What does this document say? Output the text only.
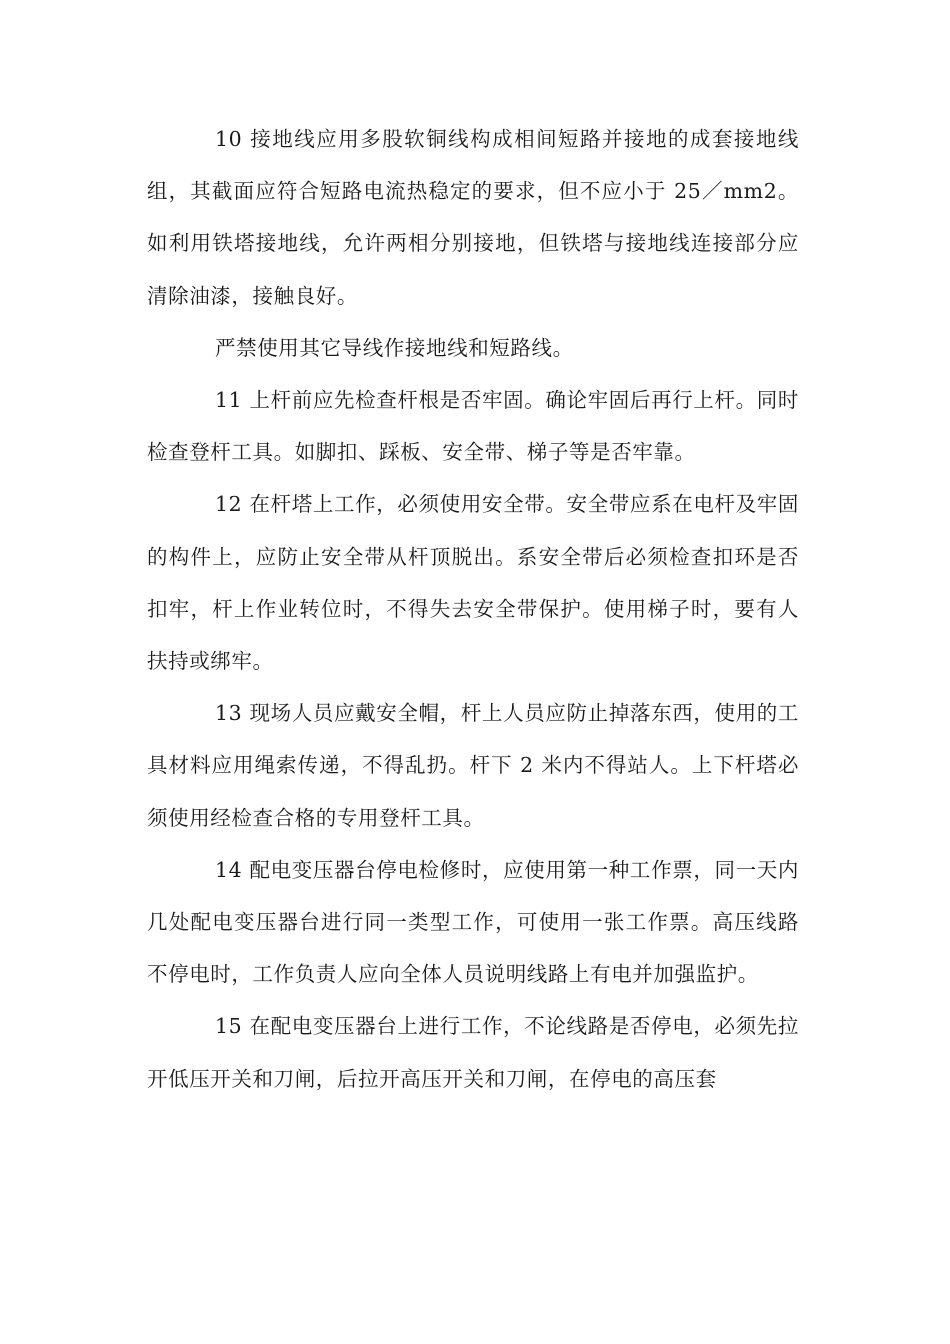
10 接地线应用多股软铜线构成相间短路并接地的成套接地线组，其截面应符合短路电流热稳定的要求，但不应小于 25／mm2。如利用铁塔接地线，允许两相分别接地，但铁塔与接地线连接部分应清除油漆，接触良好。

严禁使用其它导线作接地线和短路线。

11 上杆前应先检查杆根是否牢固。确论牢固后再行上杆。同时检查登杆工具。如脚扣、踩板、安全带、梯子等是否牢靠。

12 在杆塔上工作，必须使用安全带。安全带应系在电杆及牢固的构件上，应防止安全带从杆顶脱出。系安全带后必须检查扣环是否扣牢，杆上作业转位时，不得失去安全带保护。使用梯子时，要有人扶持或绑牢。

13 现场人员应戴安全帽，杆上人员应防止掉落东西，使用的工具材料应用绳索传递，不得乱扔。杆下 2 米内不得站人。上下杆塔必须使用经检查合格的专用登杆工具。

14 配电变压器台停电检修时，应使用第一种工作票，同一天内几处配电变压器台进行同一类型工作，可使用一张工作票。高压线路不停电时，工作负责人应向全体人员说明线路上有电并加强监护。

15 在配电变压器台上进行工作，不论线路是否停电，必须先拉开低压开关和刀闸，后拉开高压开关和刀闸，在停电的高压套
